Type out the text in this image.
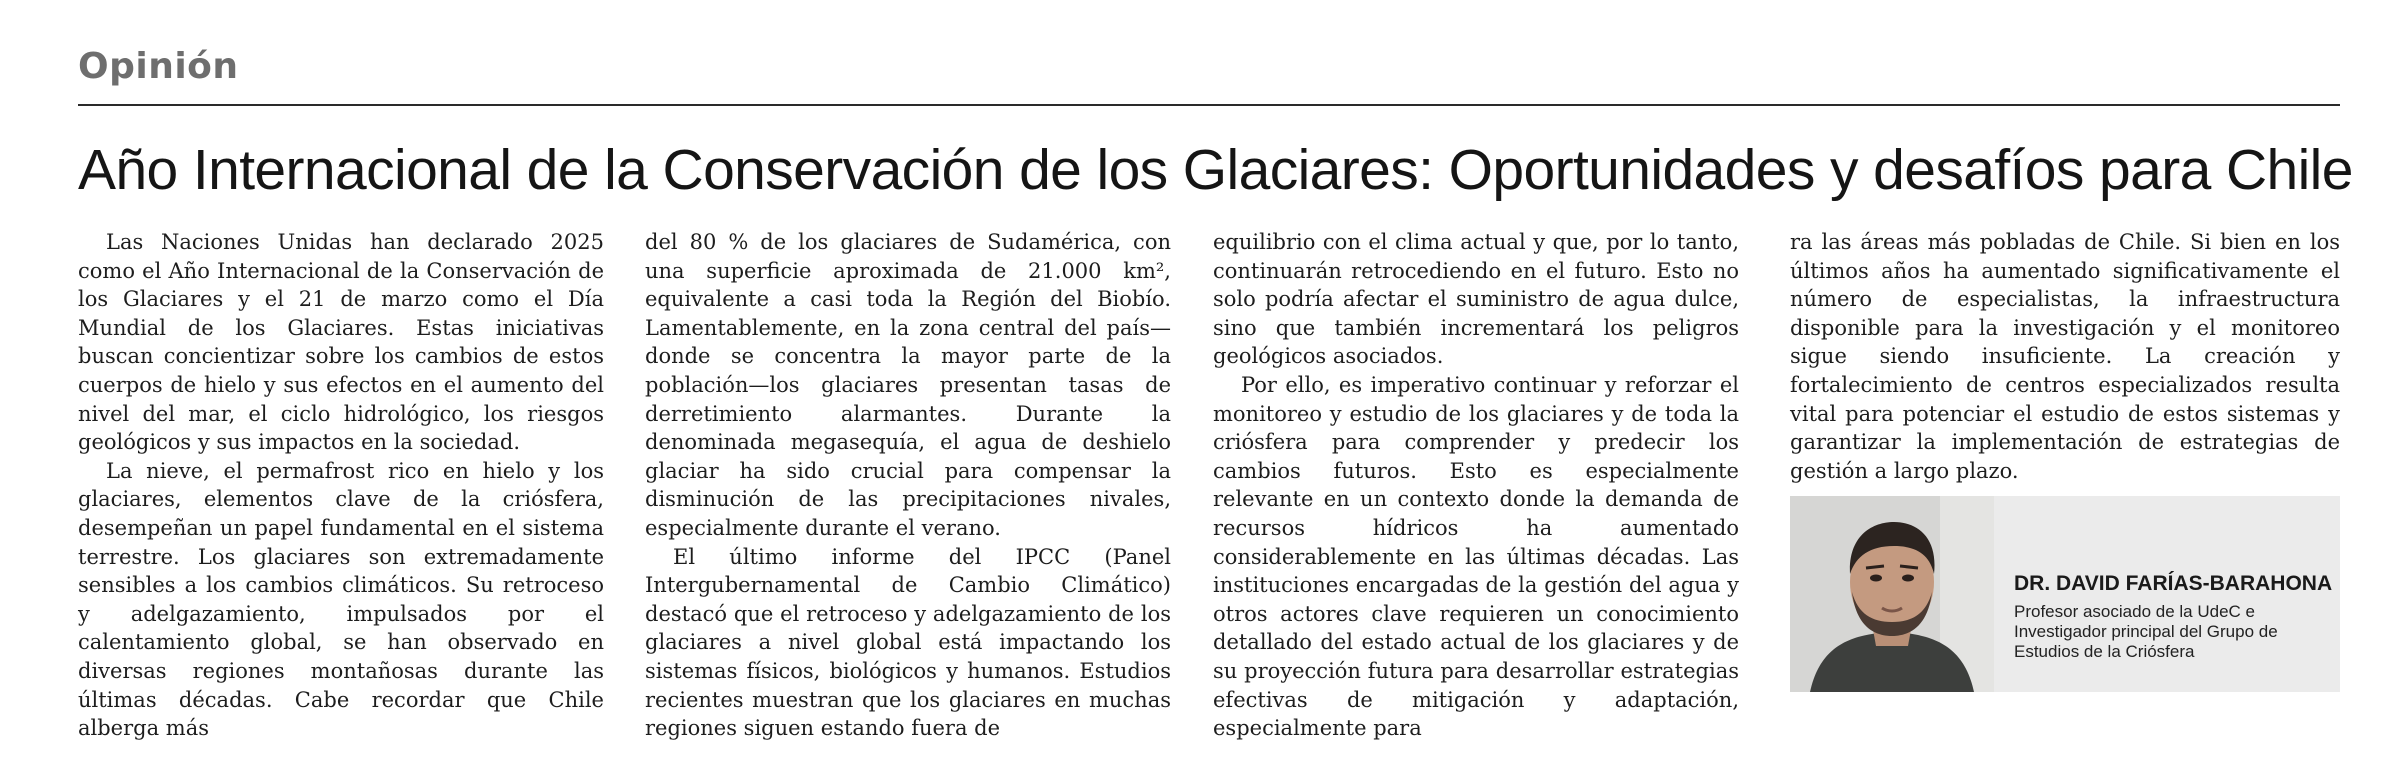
Opinión
Año Internacional de la Conservación de los Glaciares: Oportunidades y desafíos para Chile

Las Naciones Unidas han declarado 2025 como el Año Internacional de la Conservación de los Glaciares y el 21 de marzo como el Día Mundial de los Glaciares. Estas iniciativas buscan concientizar sobre los cambios de estos cuerpos de hielo y sus efectos en el aumento del nivel del mar, el ciclo hidrológico, los riesgos geológicos y sus impactos en la sociedad.

La nieve, el permafrost rico en hielo y los glaciares, elementos clave de la criósfera, desempeñan un papel fundamental en el sistema terrestre. Los glaciares son extremadamente sensibles a los cambios climáticos. Su retroceso y adelgazamiento, impulsados por el calentamiento global, se han observado en diversas regiones montañosas durante las últimas décadas. Cabe recordar que Chile alberga más

del 80 % de los glaciares de Sudamérica, con una superficie aproximada de 21.000 km², equivalente a casi toda la Región del Biobío. Lamentablemente, en la zona central del país—donde se concentra la mayor parte de la población—los glaciares presentan tasas de derretimiento alarmantes. Durante la denominada megasequía, el agua de deshielo glaciar ha sido crucial para compensar la disminución de las precipitaciones nivales, especialmente durante el verano.

El último informe del IPCC (Panel Intergubernamental de Cambio Climático) destacó que el retroceso y adelgazamiento de los glaciares a nivel global está impactando los sistemas físicos, biológicos y humanos. Estudios recientes muestran que los glaciares en muchas regiones siguen estando fuera de

equilibrio con el clima actual y que, por lo tanto, continuarán retrocediendo en el futuro. Esto no solo podría afectar el suministro de agua dulce, sino que también incrementará los peligros geológicos asociados.

Por ello, es imperativo continuar y reforzar el monitoreo y estudio de los glaciares y de toda la criósfera para comprender y predecir los cambios futuros. Esto es especialmente relevante en un contexto donde la demanda de recursos hídricos ha aumentado considerablemente en las últimas décadas. Las instituciones encargadas de la gestión del agua y otros actores clave requieren un conocimiento detallado del estado actual de los glaciares y de su proyección futura para desarrollar estrategias efectivas de mitigación y adaptación, especialmente para

ra las áreas más pobladas de Chile. Si bien en los últimos años ha aumentado significativamente el número de especialistas, la infraestructura disponible para la investigación y el monitoreo sigue siendo insuficiente. La creación y fortalecimiento de centros especializados resulta vital para potenciar el estudio de estos sistemas y garantizar la implementación de estrategias de gestión a largo plazo.

DR. DAVID FARÍAS-BARAHONA
Profesor asociado de la UdeC e Investigador principal del Grupo de Estudios de la Criósfera
